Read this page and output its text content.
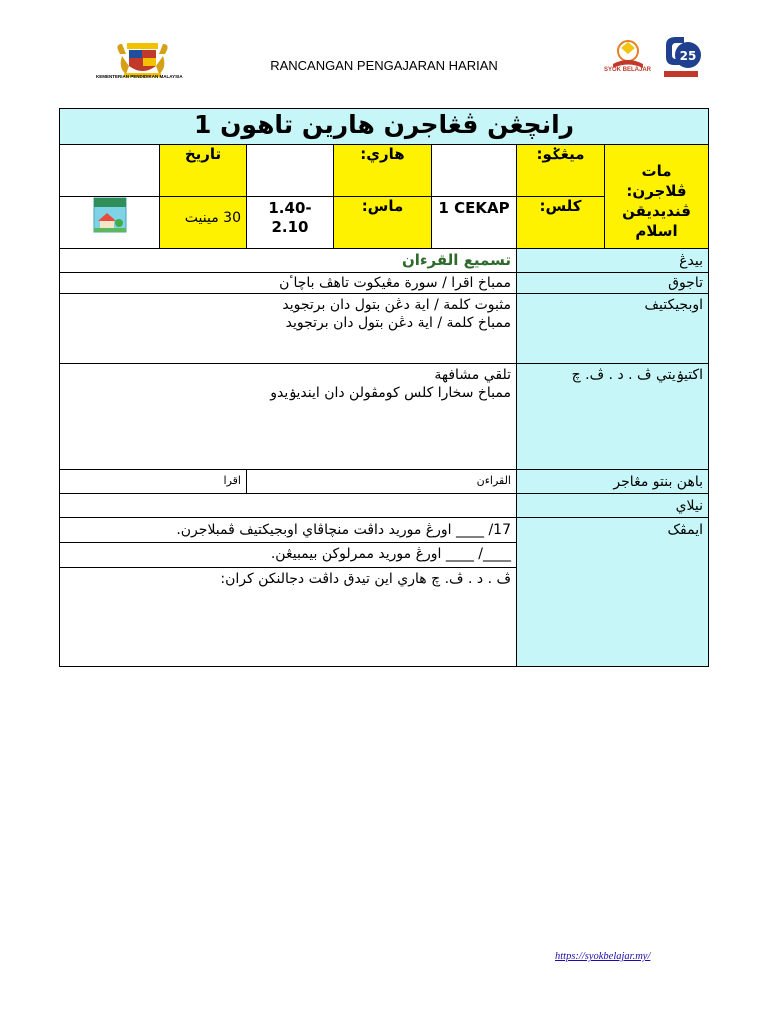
KEMENTERIAN PENDIDIKAN MALAYSIA
RANCANGAN PENGAJARAN HARIAN	SYOK BELAJAR
25
رانچڠن ڤڠاجرن هارين تاهون 1						
	تاريخ		هاري:		ميڠݢو:	مات ڤلاجرن: ڤنديديقن اسلام

	30 مينيت	1.40-2.10	ماس:	1 CEKAP	كلس:	
تسميع القرءان					بيدڠ	
ممباخ اقرا / سورة مڠيكوت تاهڤ باچاٴن					تاجوق	

مثبوت كلمة / اية دڠن بتول دان برتجويد
ممباخ كلمة / اية دڠن بتول دان برتجويد					اوبجيكتيف	

تلقي مشافهة
ممباخ سخارا كلس كومڤولن دان ايندیۏيدو					اکتيۏيتي ڤ . د . ڤ. چ	
اقرا		القراءن			باهن بنتو مڠاجر	
					نيلاي	
17/ ____ اورڠ موريد داڤت منچاڤاي اوبجيکتيف ڤمبلاجرن.					ايمڤک	
____/ ____ اورڠ موريد ممرلوکن بيمبيڠن.						
ڤ . د . ڤ. چ هاري اين تيدق داڤت دجالنكن كران:						
https://syokbelajar.my/
